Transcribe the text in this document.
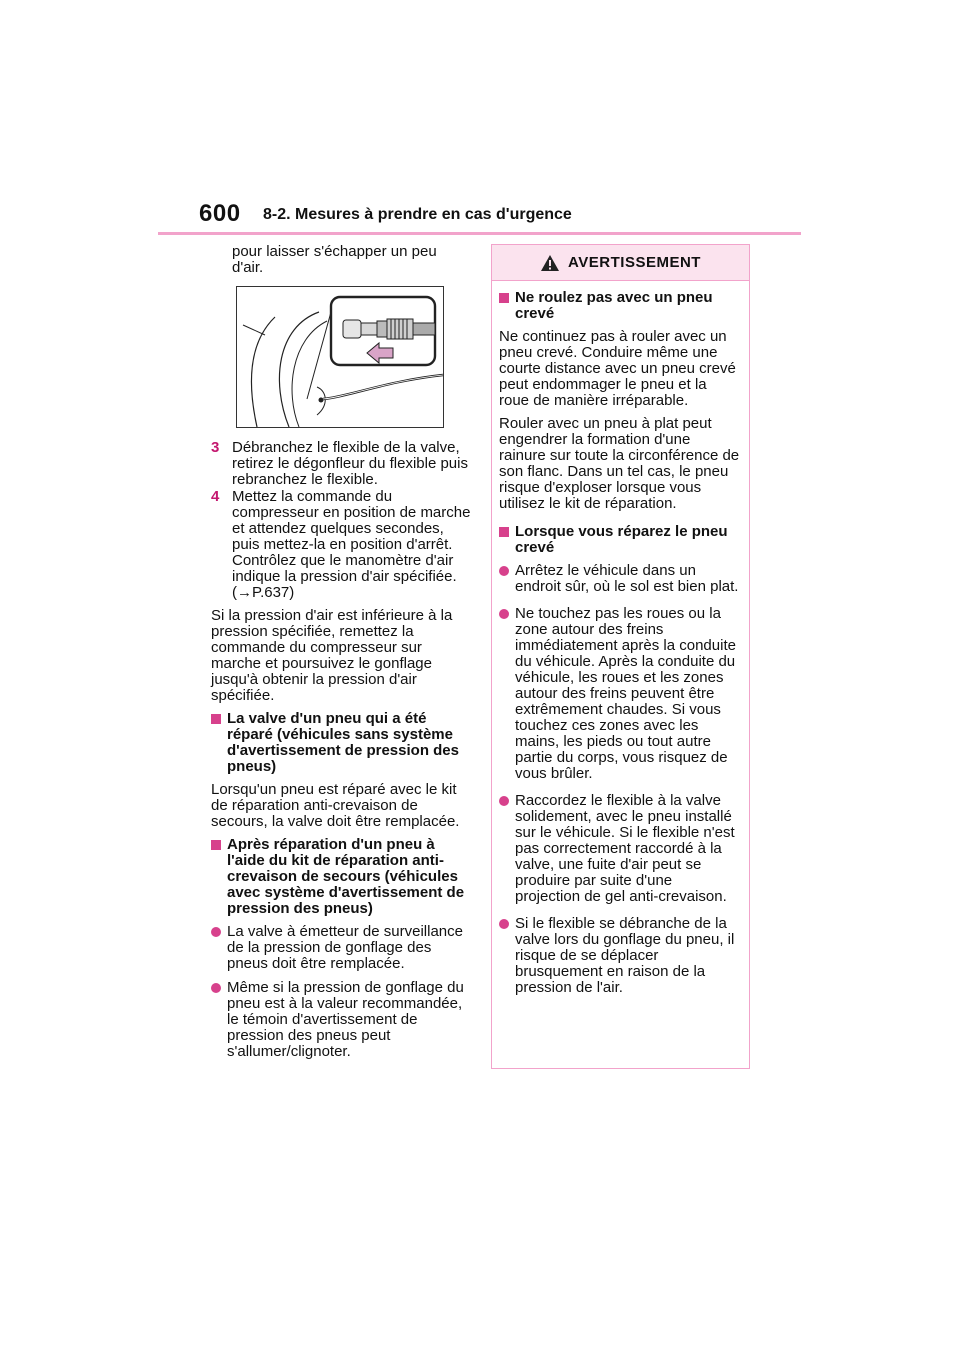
600 8-2. Mesures à prendre en cas d'urgence

pour laisser s'échapper un peu d'air.

3 Débranchez le flexible de la valve, retirez le dégonfleur du flexible puis rebranchez le flexible.
4 Mettez la commande du compresseur en position de marche et attendez quelques secondes, puis mettez-la en position d'arrêt. Contrôlez que le manomètre d'air indique la pression d'air spécifiée. (→P.637)

Si la pression d'air est inférieure à la pression spécifiée, remettez la commande du compresseur sur marche et poursuivez le gonflage jusqu'à obtenir la pression d'air spécifiée.

La valve d'un pneu qui a été réparé (véhicules sans système d'avertissement de pression des pneus)

Lorsqu'un pneu est réparé avec le kit de réparation anti-crevaison de secours, la valve doit être remplacée.

Après réparation d'un pneu à l'aide du kit de réparation anti-crevaison de secours (véhicules avec système d'avertissement de pression des pneus)
La valve à émetteur de surveillance de la pression de gonflage des pneus doit être remplacée.
Même si la pression de gonflage du pneu est à la valeur recommandée, le témoin d'avertissement de pression des pneus peut s'allumer/clignoter.
AVERTISSEMENT
Ne roulez pas avec un pneu crevé

Ne continuez pas à rouler avec un pneu crevé. Conduire même une courte distance avec un pneu crevé peut endommager le pneu et la roue de manière irréparable.

Rouler avec un pneu à plat peut engendrer la formation d'une rainure sur toute la circonférence de son flanc. Dans un tel cas, le pneu risque d'exploser lorsque vous utilisez le kit de réparation.

Lorsque vous réparez le pneu crevé
Arrêtez le véhicule dans un endroit sûr, où le sol est bien plat.
Ne touchez pas les roues ou la zone autour des freins immédiatement après la conduite du véhicule. Après la conduite du véhicule, les roues et les zones autour des freins peuvent être extrêmement chaudes. Si vous touchez ces zones avec les mains, les pieds ou tout autre partie du corps, vous risquez de vous brûler.
Raccordez le flexible à la valve solidement, avec le pneu installé sur le véhicule. Si le flexible n'est pas correctement raccordé à la valve, une fuite d'air peut se produire par suite d'une projection de gel anti-crevaison.
Si le flexible se débranche de la valve lors du gonflage du pneu, il risque de se déplacer brusquement en raison de la pression de l'air.
